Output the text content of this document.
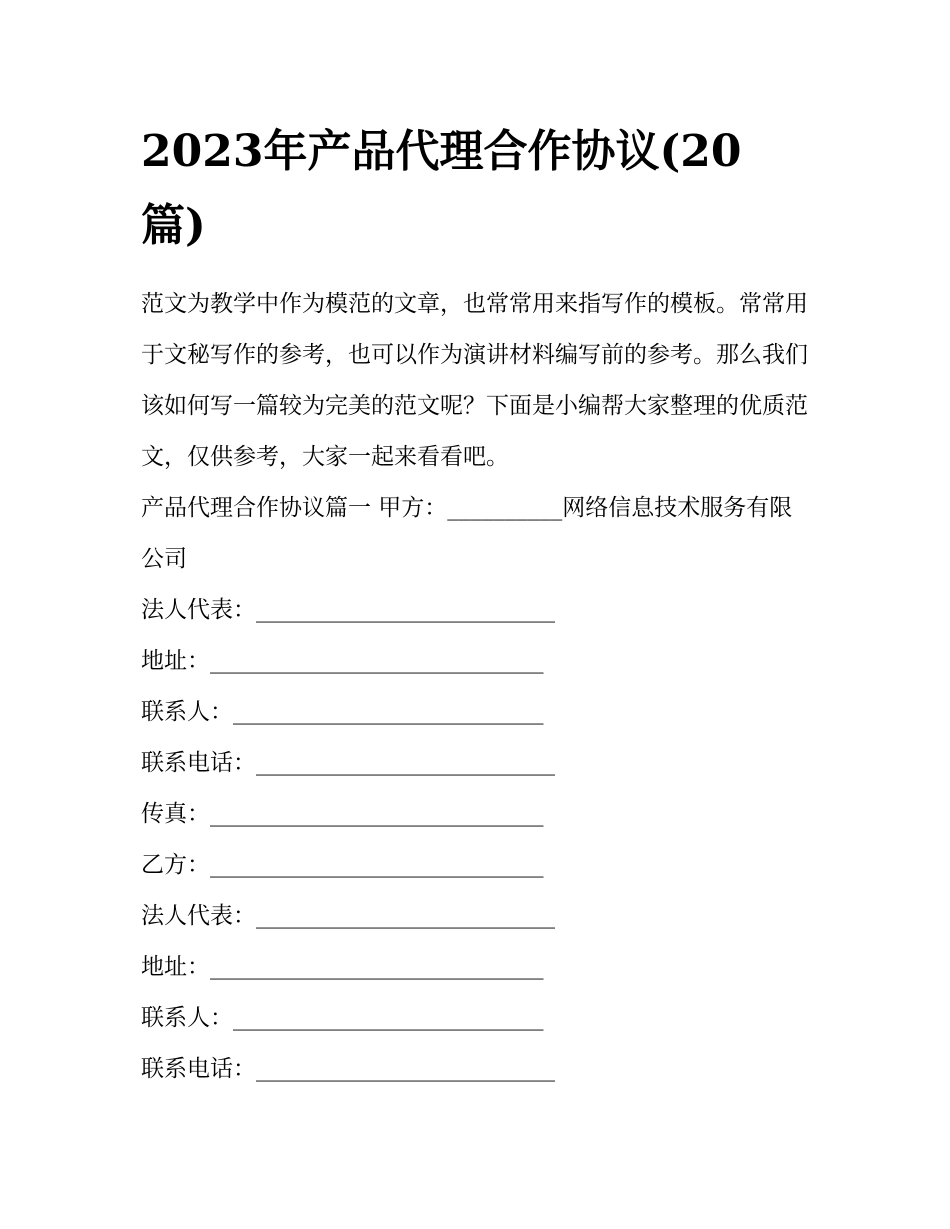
2023年产品代理合作协议(20篇)

范文为教学中作为模范的文章，也常常用来指写作的模板。常常用于文秘写作的参考，也可以作为演讲材料编写前的参考。那么我们该如何写一篇较为完美的范文呢？下面是小编帮大家整理的优质范文，仅供参考，大家一起来看看吧。

产品代理合作协议篇一 甲方：__________网络信息技术服务有限公司

法人代表：__________________________
地址：_____________________________
联系人：___________________________
联系电话：__________________________
传真：_____________________________
乙方：_____________________________
法人代表：__________________________
地址：_____________________________
联系人：___________________________
联系电话：__________________________
